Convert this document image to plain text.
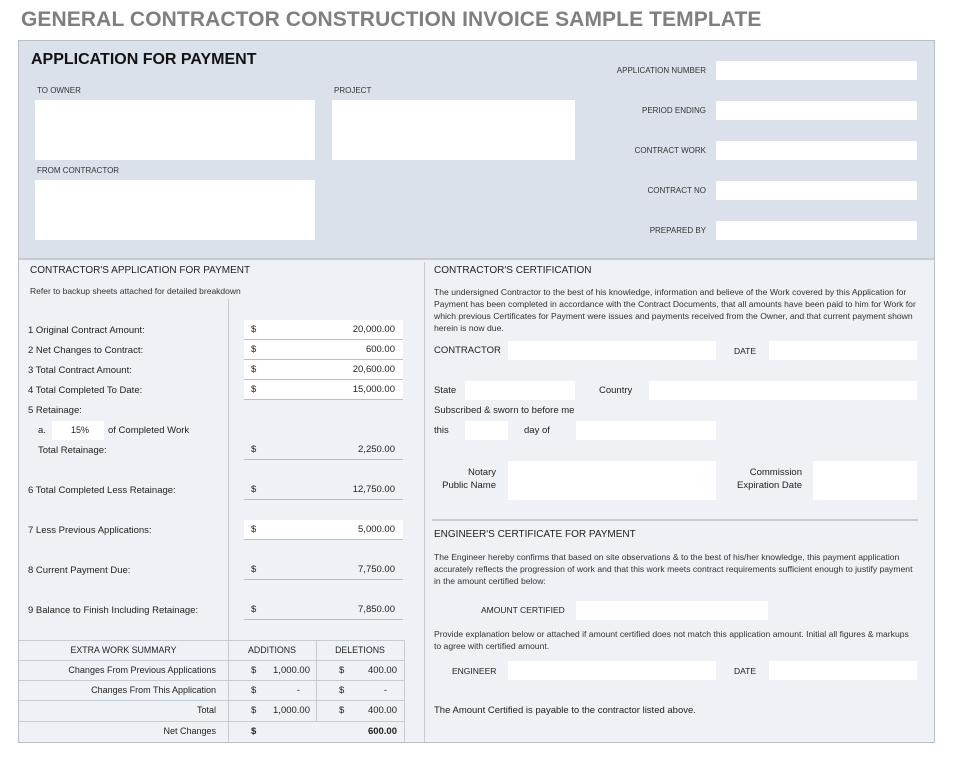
GENERAL CONTRACTOR CONSTRUCTION INVOICE SAMPLE TEMPLATE
APPLICATION FOR PAYMENT
TO OWNER	PROJECT
FROM CONTRACTOR
APPLICATION NUMBER
PERIOD ENDING
CONTRACT WORK
CONTRACT NO
PREPARED BY
CONTRACTOR'S APPLICATION FOR PAYMENT
Refer to backup sheets attached for detailed breakdown
1 Original Contract Amount:	$	20,000.00
2 Net Changes to Contract:	$	600.00
3 Total Contract Amount:	$	20,600.00
4 Total Completed To Date:	$	15,000.00
5 Retainage:
a.	15% of Completed Work
Total Retainage:	$	2,250.00
6 Total Completed Less Retainage:	$	12,750.00
7 Less Previous Applications:	$	5,000.00
8 Current Payment Due:	$	7,750.00
9 Balance to Finish Including Retainage:	$	7,850.00
EXTRA WORK SUMMARY	ADDITIONS	DELETIONS
Changes From Previous Applications	$	1,000.00	$	400.00
Changes From This Application	$	-	$	-
Total	$	1,000.00	$	400.00
Net Changes	$	600.00
CONTRACTOR'S CERTIFICATION
The undersigned Contractor to the best of his knowledge, information and believe of the Work covered by this Application for Payment has been completed in accordance with the Contract Documents, that all amounts have been paid to him for Work for which previous Certificates for Payment were issues and payments received from the Owner, and that current payment shown herein is now due.
CONTRACTOR	DATE
State	Country
Subscribed & sworn to before me
this	day of
Notary
Public Name
Commission
Expiration Date
ENGINEER'S CERTIFICATE FOR PAYMENT
The Engineer hereby confirms that based on site observations & to the best of his/her knowledge, this payment application accurately reflects the progression of work and that this work meets contract requirements sufficient enough to justify payment in the amount certified below:
AMOUNT CERTIFIED
Provide explanation below or attached if amount certified does not match this application amount. Initial all figures & markups to agree with certified amount.
ENGINEER	DATE
The Amount Certified is payable to the contractor listed above.
